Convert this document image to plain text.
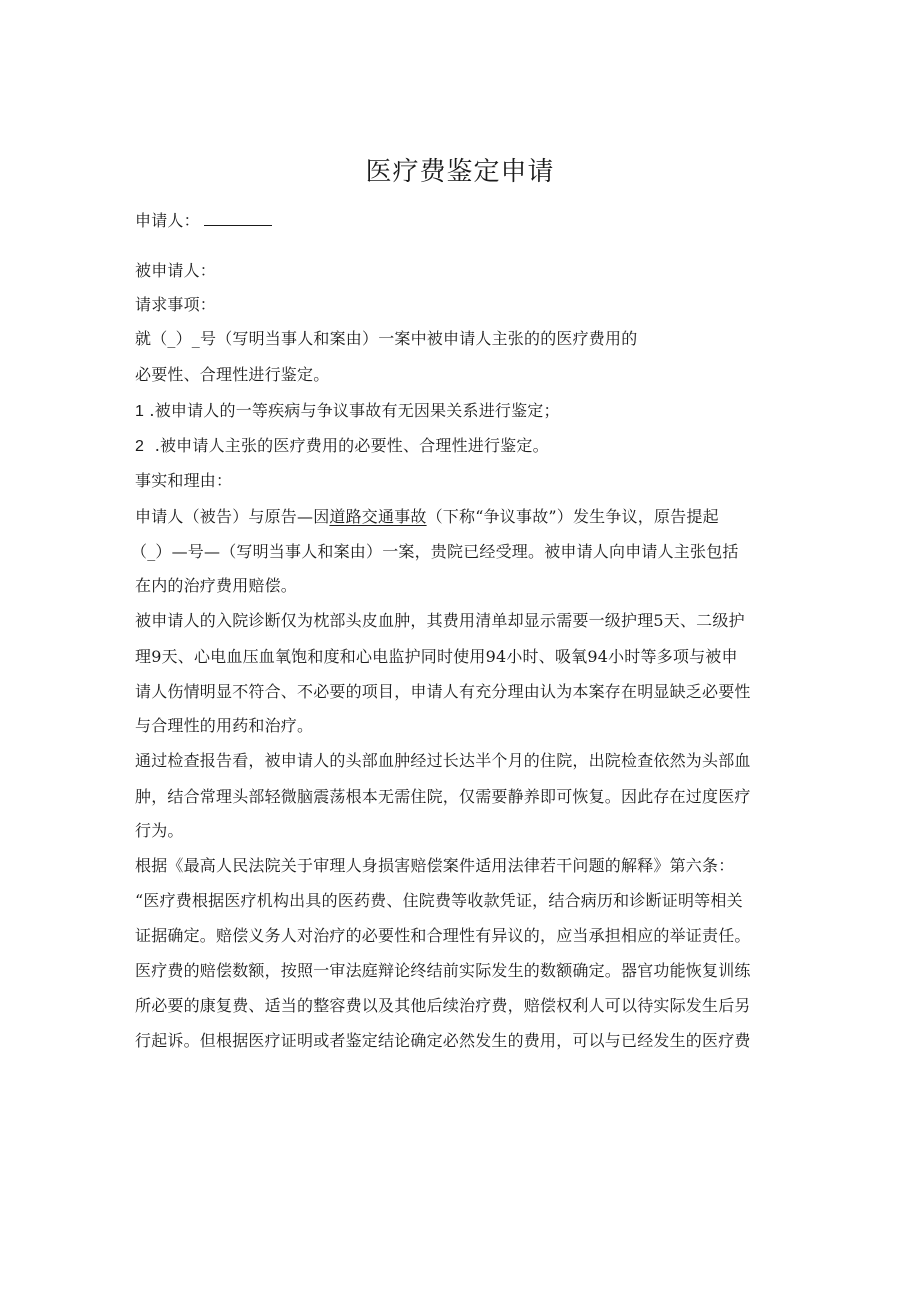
医疗费鉴定申请
申请人：
被申请人：
请求事项：
就（_）_号（写明当事人和案由）一案中被申请人主张的的医疗费用的
必要性、合理性进行鉴定。
1 .被申请人的一等疾病与争议事故有无因果关系进行鉴定；
2 .被申请人主张的医疗费用的必要性、合理性进行鉴定。
事实和理由：
申请人（被告）与原告—因道路交通事故（下称“争议事故”）发生争议，原告提起
（_）—号—（写明当事人和案由）一案，贵院已经受理。被申请人向申请人主张包括
在内的治疗费用赔偿。
被申请人的入院诊断仅为枕部头皮血肿，其费用清单却显示需要一级护理5天、二级护
理9天、心电血压血氧饱和度和心电监护同时使用94小时、吸氧94小时等多项与被申
请人伤情明显不符合、不必要的项目，申请人有充分理由认为本案存在明显缺乏必要性
与合理性的用药和治疗。
通过检查报告看，被申请人的头部血肿经过长达半个月的住院，出院检查依然为头部血
肿，结合常理头部轻微脑震荡根本无需住院，仅需要静养即可恢复。因此存在过度医疗
行为。
根据《最高人民法院关于审理人身损害赔偿案件适用法律若干问题的解释》第六条：
“医疗费根据医疗机构出具的医药费、住院费等收款凭证，结合病历和诊断证明等相关
证据确定。赔偿义务人对治疗的必要性和合理性有异议的，应当承担相应的举证责任。
医疗费的赔偿数额，按照一审法庭辩论终结前实际发生的数额确定。器官功能恢复训练
所必要的康复费、适当的整容费以及其他后续治疗费，赔偿权利人可以待实际发生后另
行起诉。但根据医疗证明或者鉴定结论确定必然发生的费用，可以与已经发生的医疗费
